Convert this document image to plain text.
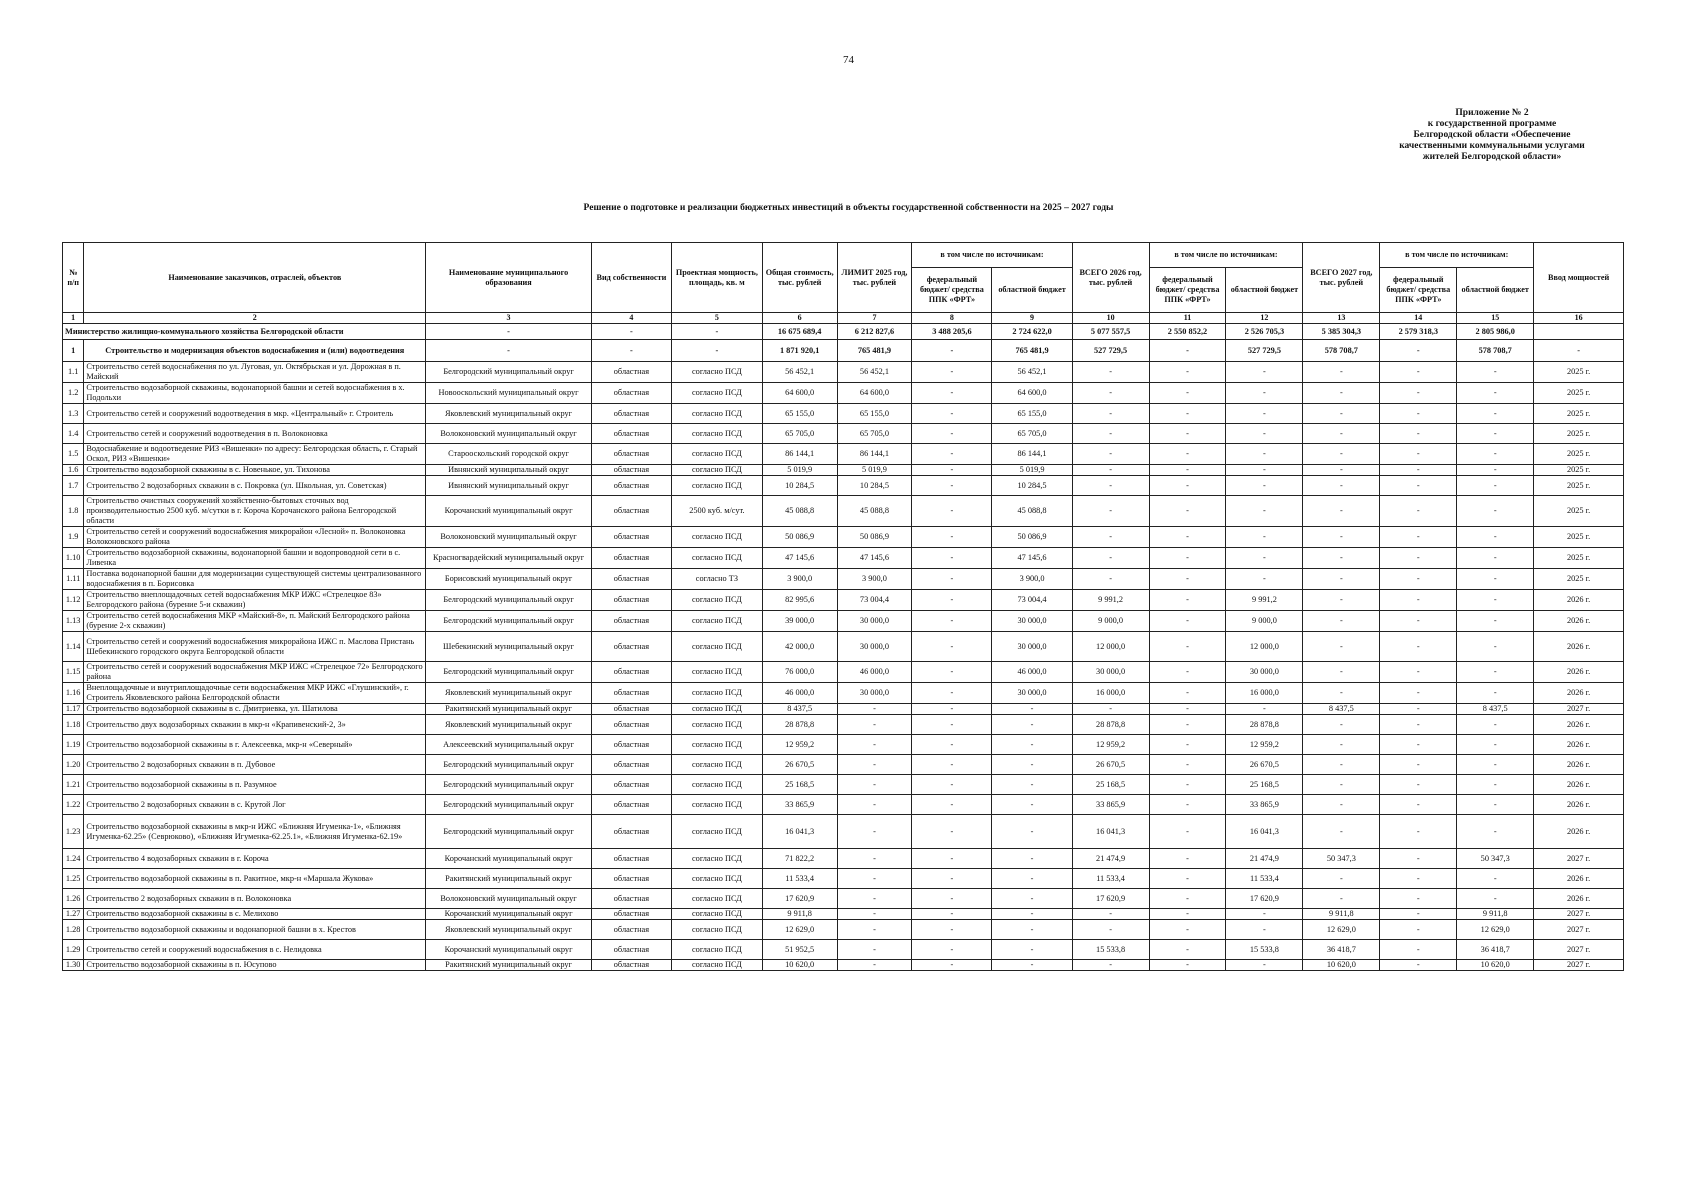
74
Приложение № 2
к государственной программе
Белгородской области «Обеспечение
качественными коммунальными услугами
жителей Белгородской области»
Решение о подготовке и реализации бюджетных инвестиций в объекты государственной собственности на 2025 – 2027 годы
№ п/п	Наименование заказчиков, отраслей, объектов	Наименование муниципального образования	Вид собственности	Проектная мощность, площадь, кв. м	Общая стоимость, тыс. рублей	ЛИМИТ 2025 год, тыс. рублей	в том числе по источникам:		ВСЕГО 2026 год, тыс. рублей	в том числе по источникам:		ВСЕГО 2027 год, тыс. рублей	в том числе по источникам:		Ввод мощностей
							федеральный бюджет/ средства ППК «ФРТ»	областной бюджет		федеральный бюджет/ средства ППК «ФРТ»	областной бюджет		федеральный бюджет/ средства ППК «ФРТ»	областной бюджет	
1	2	3	4	5	6	7	8	9	10	11	12	13	14	15	16
Министерство жилищно-коммунального хозяйства Белгородской области		-	-	-	16 675 689,4	6 212 827,6	3 488 205,6	2 724 622,0	5 077 557,5	2 550 852,2	2 526 705,3	5 385 304,3	2 579 318,3	2 805 986,0	
1	Строительство и модернизация объектов водоснабжения и (или) водоотведения	-	-	-	1 871 920,1	765 481,9	-	765 481,9	527 729,5	-	527 729,5	578 708,7	-	578 708,7	-
1.1	Строительство сетей водоснабжения по ул. Луговая, ул. Октябрьская и ул. Дорожная в п. Майский	Белгородский муниципальный округ	областная	согласно ПСД	56 452,1	56 452,1	-	56 452,1	-	-	-	-	-	-	2025 г.
1.2	Строительство водозаборной скважины, водонапорной башни и сетей водоснабжения в х. Подольхи	Новооскольский муниципальный округ	областная	согласно ПСД	64 600,0	64 600,0	-	64 600,0	-	-	-	-	-	-	2025 г.
1.3	Строительство сетей и сооружений водоотведения в мкр. «Центральный» г. Строитель	Яковлевский муниципальный округ	областная	согласно ПСД	65 155,0	65 155,0	-	65 155,0	-	-	-	-	-	-	2025 г.
1.4	Строительство сетей и сооружений водоотведения в п. Волоконовка	Волоконовский муниципальный округ	областная	согласно ПСД	65 705,0	65 705,0	-	65 705,0	-	-	-	-	-	-	2025 г.
1.5	Водоснабжение и водоотведение РИЗ «Вишенки» по адресу: Белгородская область, г. Старый Оскол, РИЗ «Вишенки»	Старооскольский городской округ	областная	согласно ПСД	86 144,1	86 144,1	-	86 144,1	-	-	-	-	-	-	2025 г.
1.6	Строительство водозаборной скважины в с. Новенькое, ул. Тихонова	Ивнянский муниципальный округ	областная	согласно ПСД	5 019,9	5 019,9	-	5 019,9	-	-	-	-	-	-	2025 г.
1.7	Строительство 2 водозаборных скважин в с. Покровка (ул. Школьная, ул. Советская)	Ивнянский муниципальный округ	областная	согласно ПСД	10 284,5	10 284,5	-	10 284,5	-	-	-	-	-	-	2025 г.
1.8	Строительство очистных сооружений хозяйственно-бытовых сточных вод производительностью 2500 куб. м/сутки в г. Короча Корочанского района Белгородской области	Корочанский муниципальный округ	областная	2500 куб. м/сут.	45 088,8	45 088,8	-	45 088,8	-	-	-	-	-	-	2025 г.
1.9	Строительство сетей и сооружений водоснабжения микрорайон «Лесной» п. Волоконовка Волоконовского района	Волоконовский муниципальный округ	областная	согласно ПСД	50 086,9	50 086,9	-	50 086,9	-	-	-	-	-	-	2025 г.
1.10	Строительство водозаборной скважины, водонапорной башни и водопроводной сети в с. Ливенка	Красногвардейский муниципальный округ	областная	согласно ПСД	47 145,6	47 145,6	-	47 145,6	-	-	-	-	-	-	2025 г.
1.11	Поставка водонапорной башни для модернизации существующей системы централизованного водоснабжения в п. Борисовка	Борисовский муниципальный округ	областная	согласно ТЗ	3 900,0	3 900,0	-	3 900,0	-	-	-	-	-	-	2025 г.
1.12	Строительство внеплощадочных сетей водоснабжения МКР ИЖС «Стрелецкое 83» Белгородского района (бурение 5-и скважин)	Белгородский муниципальный округ	областная	согласно ПСД	82 995,6	73 004,4	-	73 004,4	9 991,2	-	9 991,2	-	-	-	2026 г.
1.13	Строительство сетей водоснабжения МКР «Майский-8», п. Майский Белгородского района (бурение 2-х скважин)	Белгородский муниципальный округ	областная	согласно ПСД	39 000,0	30 000,0	-	30 000,0	9 000,0	-	9 000,0	-	-	-	2026 г.
1.14	Строительство сетей и сооружений водоснабжения микрорайона ИЖС п. Маслова Пристань Шебекинского городского округа Белгородской области	Шебекинский муниципальный округ	областная	согласно ПСД	42 000,0	30 000,0	-	30 000,0	12 000,0	-	12 000,0	-	-	-	2026 г.
1.15	Строительство сетей и сооружений водоснабжения МКР ИЖС «Стрелецкое 72» Белгородского района	Белгородский муниципальный округ	областная	согласно ПСД	76 000,0	46 000,0	-	46 000,0	30 000,0	-	30 000,0	-	-	-	2026 г.
1.16	Внеплощадочные и внутриплощадочные сети водоснабжения МКР ИЖС «Глушинский», г. Строитель Яковлевского района Белгородской области	Яковлевский муниципальный округ	областная	согласно ПСД	46 000,0	30 000,0	-	30 000,0	16 000,0	-	16 000,0	-	-	-	2026 г.
1.17	Строительство водозаборной скважины в с. Дмитриевка, ул. Шатилова	Ракитянский муниципальный округ	областная	согласно ПСД	8 437,5	-	-	-	-	-	-	8 437,5	-	8 437,5	2027 г.
1.18	Строительство двух водозаборных скважин в мкр-н «Крапивенский-2, 3»	Яковлевский муниципальный округ	областная	согласно ПСД	28 878,8	-	-	-	28 878,8	-	28 878,8	-	-	-	2026 г.
1.19	Строительство водозаборной скважины в г. Алексеевка, мкр-н «Северный»	Алексеевский муниципальный округ	областная	согласно ПСД	12 959,2	-	-	-	12 959,2	-	12 959,2	-	-	-	2026 г.
1.20	Строительство 2 водозаборных скважин в п. Дубовое	Белгородский муниципальный округ	областная	согласно ПСД	26 670,5	-	-	-	26 670,5	-	26 670,5	-	-	-	2026 г.
1.21	Строительство водозаборной скважины в п. Разумное	Белгородский муниципальный округ	областная	согласно ПСД	25 168,5	-	-	-	25 168,5	-	25 168,5	-	-	-	2026 г.
1.22	Строительство 2 водозаборных скважин в с. Крутой Лог	Белгородский муниципальный округ	областная	согласно ПСД	33 865,9	-	-	-	33 865,9	-	33 865,9	-	-	-	2026 г.
1.23	Строительство водозаборной скважины в мкр-н ИЖС «Ближняя Игуменка-1», «Ближняя Игуменка-62.25» (Севрюково), «Ближняя Игуменка-62.25.1», «Ближняя Игуменка-62.19»	Белгородский муниципальный округ	областная	согласно ПСД	16 041,3	-	-	-	16 041,3	-	16 041,3	-	-	-	2026 г.
1.24	Строительство 4 водозаборных скважин в г. Короча	Корочанский муниципальный округ	областная	согласно ПСД	71 822,2	-	-	-	21 474,9	-	21 474,9	50 347,3	-	50 347,3	2027 г.
1.25	Строительство водозаборной скважины в п. Ракитное, мкр-н «Маршала Жукова»	Ракитянский муниципальный округ	областная	согласно ПСД	11 533,4	-	-	-	11 533,4	-	11 533,4	-	-	-	2026 г.
1.26	Строительство 2 водозаборных скважин в п. Волоконовка	Волоконовский муниципальный округ	областная	согласно ПСД	17 620,9	-	-	-	17 620,9	-	17 620,9	-	-	-	2026 г.
1.27	Строительство водозаборной скважины в с. Мелихово	Корочанский муниципальный округ	областная	согласно ПСД	9 911,8	-	-	-	-	-	-	9 911,8	-	9 911,8	2027 г.
1.28	Строительство водозаборной скважины и водонапорной башни в х. Крестов	Яковлевский муниципальный округ	областная	согласно ПСД	12 629,0	-	-	-	-	-	-	12 629,0	-	12 629,0	2027 г.
1.29	Строительство сетей и сооружений водоснабжения в с. Нелидовка	Корочанский муниципальный округ	областная	согласно ПСД	51 952,5	-	-	-	15 533,8	-	15 533,8	36 418,7	-	36 418,7	2027 г.
1.30	Строительство водозаборной скважины в п. Юсупово	Ракитянский муниципальный округ	областная	согласно ПСД	10 620,0	-	-	-	-	-	-	10 620,0	-	10 620,0	2027 г.
